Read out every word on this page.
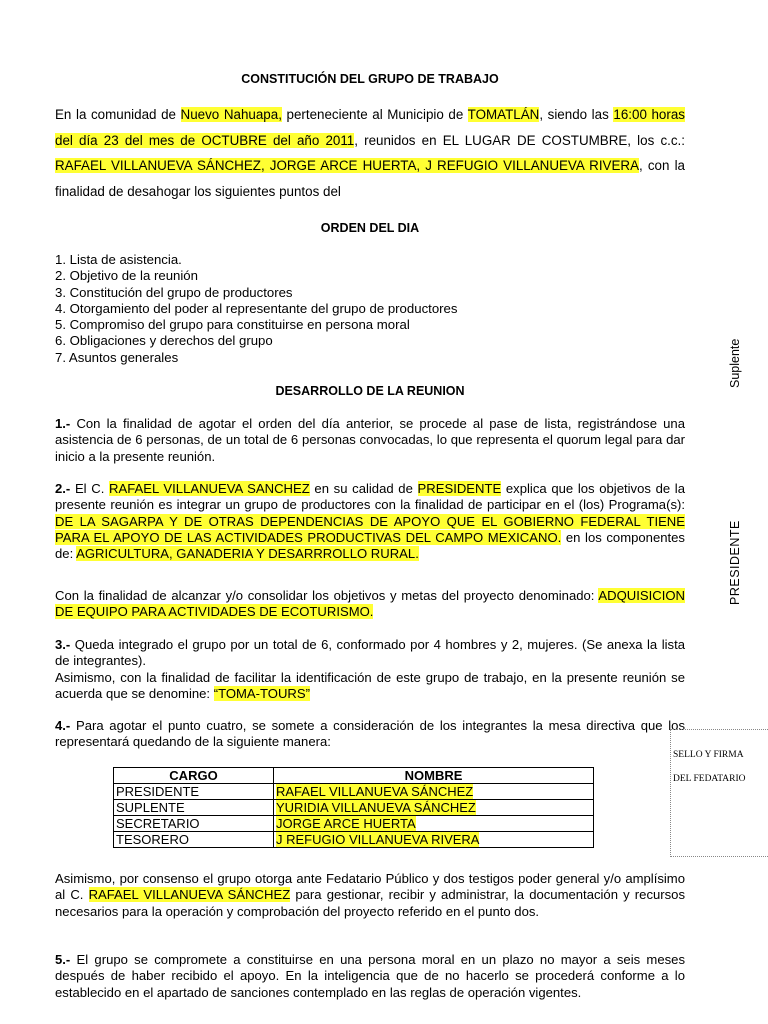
CONSTITUCIÓN DEL GRUPO DE TRABAJO

En la comunidad de Nuevo Nahuapa, perteneciente al Municipio de TOMATLÁN, siendo las 16:00 horas del día 23 del mes de OCTUBRE del año 2011, reunidos en EL LUGAR DE COSTUMBRE, los c.c.: RAFAEL VILLANUEVA SÁNCHEZ, JORGE ARCE HUERTA, J REFUGIO VILLANUEVA RIVERA, con la finalidad de desahogar los siguientes puntos del

ORDEN DEL DIA
1. Lista de asistencia.
2. Objetivo de la reunión
3. Constitución del grupo de productores
4. Otorgamiento del poder al representante del grupo de productores
5. Compromiso del grupo para constituirse en persona moral
6. Obligaciones y derechos del grupo
7. Asuntos generales
DESARROLLO DE LA REUNION

1.- Con la finalidad de agotar el orden del día anterior, se procede al pase de lista, registrándose una asistencia de 6 personas, de un total de 6 personas convocadas, lo que representa el quorum legal para dar inicio a la presente reunión.

2.- El C. RAFAEL VILLANUEVA SANCHEZ en su calidad de PRESIDENTE explica que los objetivos de la presente reunión es integrar un grupo de productores con la finalidad de participar en el (los) Programa(s): DE LA SAGARPA Y DE OTRAS DEPENDENCIAS DE APOYO QUE EL GOBIERNO FEDERAL TIENE PARA EL APOYO DE LAS ACTIVIDADES PRODUCTIVAS DEL CAMPO MEXICANO. en los componentes de: AGRICULTURA, GANADERIA Y DESARRROLLO RURAL.

Con la finalidad de alcanzar y/o consolidar los objetivos y metas del proyecto denominado: ADQUISICION DE EQUIPO PARA ACTIVIDADES DE ECOTURISMO.

3.- Queda integrado el grupo por un total de 6, conformado por 4 hombres y 2, mujeres. (Se anexa la lista de integrantes).
Asimismo, con la finalidad de facilitar la identificación de este grupo de trabajo, en la presente reunión se acuerda que se denomine: “TOMA-TOURS”

4.- Para agotar el punto cuatro, se somete a consideración de los integrantes la mesa directiva que los representará quedando de la siguiente manera:

CARGO	NOMBRE
PRESIDENTE	RAFAEL VILLANUEVA SÁNCHEZ
SUPLENTE	YURIDIA VILLANUEVA SÁNCHEZ
SECRETARIO	JORGE ARCE HUERTA
TESORERO	J REFUGIO VILLANUEVA RIVERA

Asimismo, por consenso el grupo otorga ante Fedatario Público y dos testigos poder general y/o amplísimo al C. RAFAEL VILLANUEVA SÁNCHEZ para gestionar, recibir y administrar, la documentación y recursos necesarios para la operación y comprobación del proyecto referido en el punto dos.

5.- El grupo se compromete a constituirse en una persona moral en un plazo no mayor a seis meses después de haber recibido el apoyo. En la inteligencia que de no hacerlo se procederá conforme a lo establecido en el apartado de sanciones contemplado en las reglas de operación vigentes.

Suplente
PRESIDENTE
SELLO Y FIRMA
DEL FEDATARIO
